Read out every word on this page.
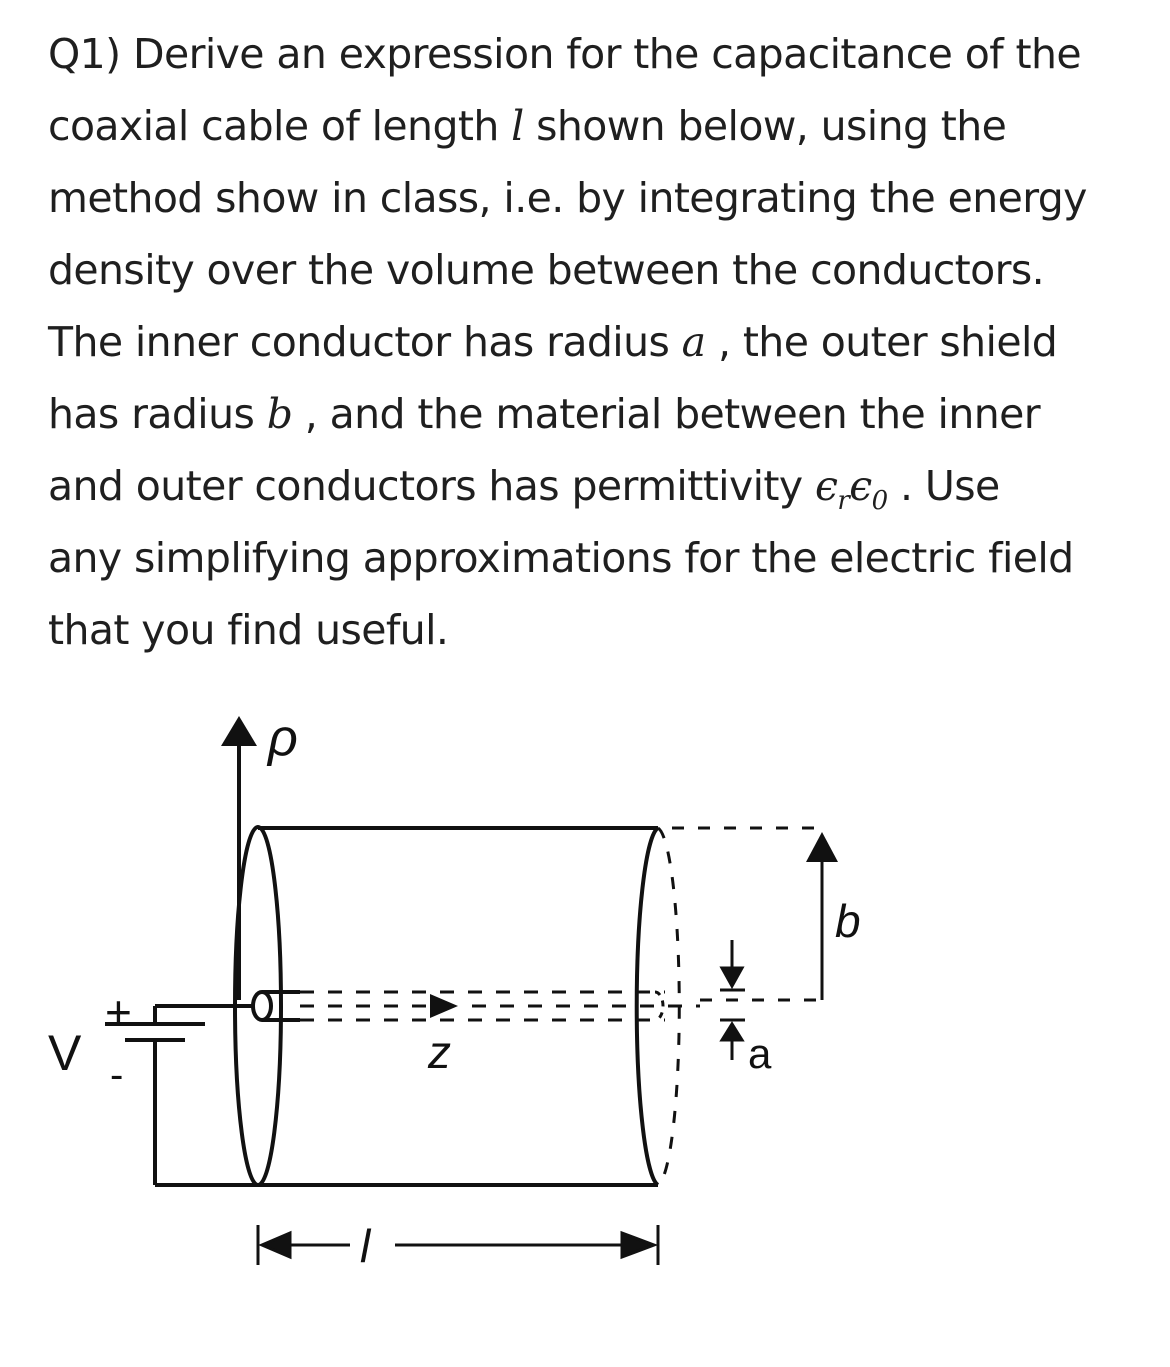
Q1) Derive an expression for the capacitance of the
coaxial cable of length l shown below, using the
method show in class, i.e. by integrating the energy
density over the volume between the conductors.
The inner conductor has radius a , the outer shield
has radius b , and the material between the inner
and outer conductors has permittivity $\epsilon_r\epsilon_0$ . Use
any simplifying approximations for the electric field
that you find useful.
ρ
z
b
a
+
-
V
l
